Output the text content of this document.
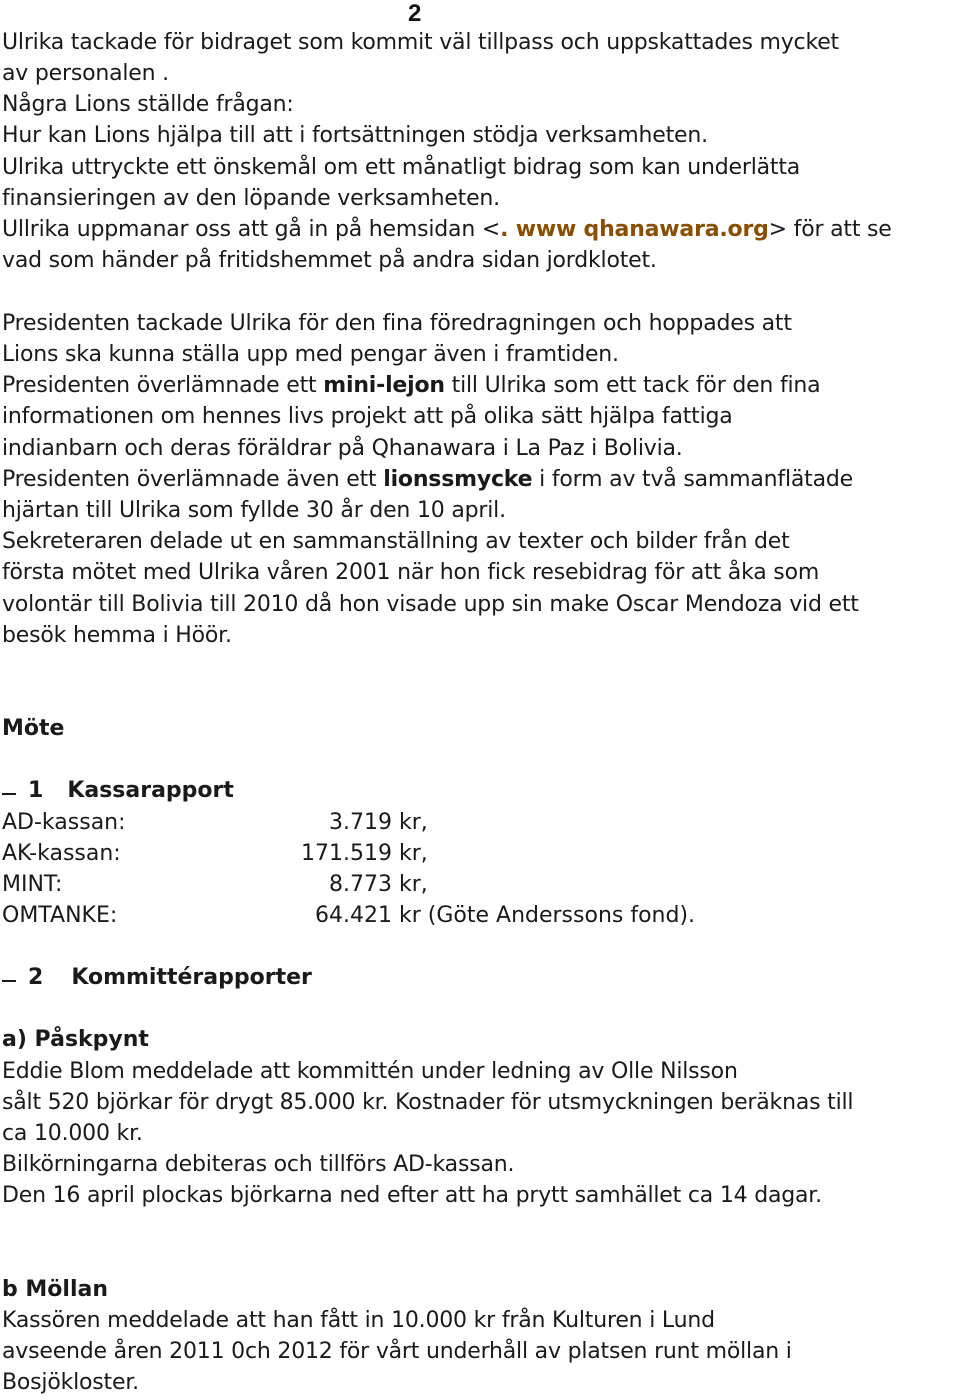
2
Ulrika tackade för bidraget som kommit väl tillpass och uppskattades mycket
av personalen .
Några Lions ställde frågan:
Hur kan Lions hjälpa till att i fortsättningen stödja verksamheten.
Ulrika uttryckte ett önskemål om ett månatligt bidrag som kan underlätta
finansieringen av den löpande verksamheten.
Ullrika uppmanar oss att gå in på hemsidan <. www qhanawara.org> för att se
vad som händer på fritidshemmet på andra sidan jordklotet.
Presidenten tackade Ulrika för den fina föredragningen och hoppades att
Lions ska kunna ställa upp med pengar även i framtiden.
Presidenten överlämnade ett mini-lejon till Ulrika som ett tack för den fina
informationen om hennes livs projekt att på olika sätt hjälpa fattiga
indianbarn och deras föräldrar på Qhanawara i La Paz i Bolivia.
Presidenten överlämnade även ett lionssmycke i form av två sammanflätade
hjärtan till Ulrika som fyllde 30 år den 10 april.
Sekreteraren delade ut en sammanställning av texter och bilder från det
första mötet med Ulrika våren 2001 när hon fick resebidrag för att åka som
volontär till Bolivia till 2010 då hon visade upp sin make Oscar Mendoza vid ett
besök hemma i Höör.
Möte
1 Kassarapport
AD-kassan:	3.719 kr,
AK-kassan:	171.519 kr,
MINT:	8.773 kr,
OMTANKE:	64.421 kr (Göte Anderssons fond).
2 Kommittérapporter
a) Påskpynt
Eddie Blom meddelade att kommittén under ledning av Olle Nilsson
sålt 520 björkar för drygt 85.000 kr. Kostnader för utsmyckningen beräknas till
ca 10.000 kr.
Bilkörningarna debiteras och tillförs AD-kassan.
Den 16 april plockas björkarna ned efter att ha prytt samhället ca 14 dagar.
b Möllan
Kassören meddelade att han fått in 10.000 kr från Kulturen i Lund
avseende åren 2011 0ch 2012 för vårt underhåll av platsen runt möllan i
Bosjökloster.
